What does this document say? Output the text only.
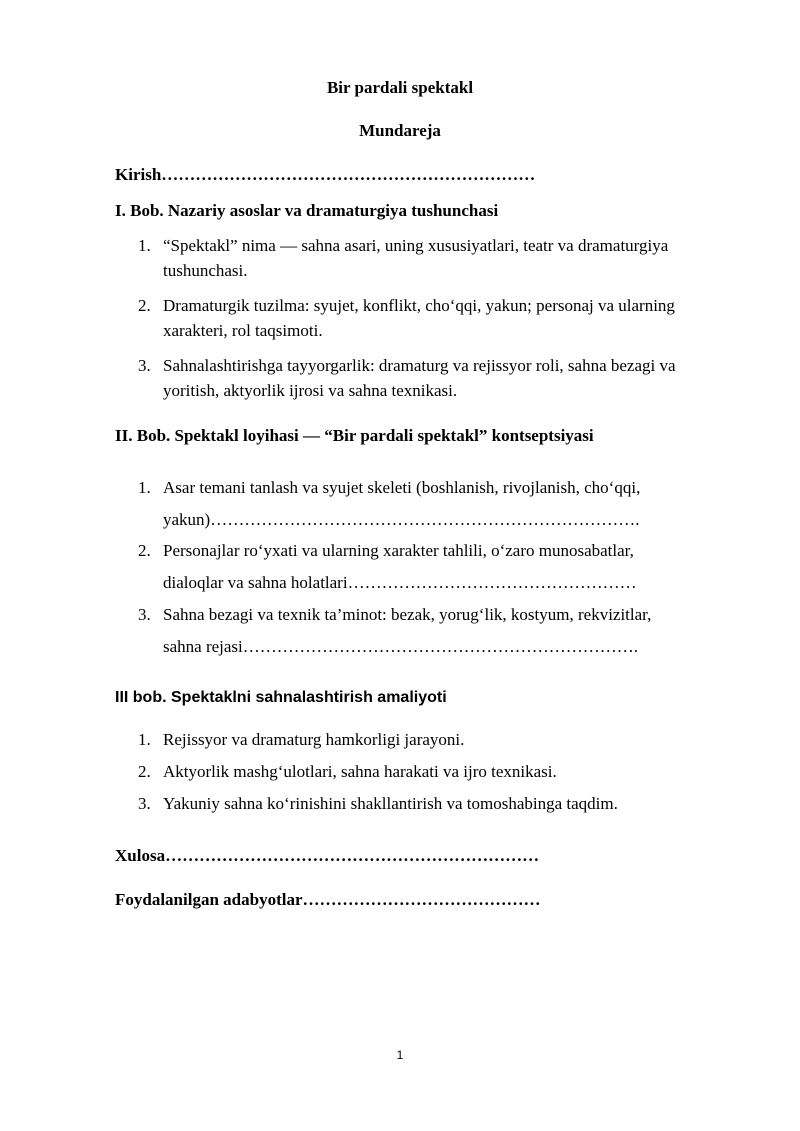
Bir pardali spektakl
Mundareja
Kirish…………………………………………………………
I. Bob. Nazariy asoslar va dramaturgiya tushunchasi
1. “Spektakl” nima — sahna asari, uning xususiyatlari, teatr va dramaturgiya
tushunchasi.
2. Dramaturgik tuzilma: syujet, konflikt, cho‘qqi, yakun; personaj va ularning
xarakteri, rol taqsimoti.
3. Sahnalashtirishga tayyorgarlik: dramaturg va rejissyor roli, sahna bezagi va
yoritish, aktyorlik ijrosi va sahna texnikasi.
II. Bob. Spektakl loyihasi — “Bir pardali spektakl” kontseptsiyasi
1. Asar temani tanlash va syujet skeleti (boshlanish, rivojlanish, cho‘qqi,
yakun)………………………………………………………………….
2. Personajlar ro‘yxati va ularning xarakter tahlili, o‘zaro munosabatlar,
dialoqlar va sahna holatlari……………………………………………
3. Sahna bezagi va texnik ta’minot: bezak, yorug‘lik, kostyum, rekvizitlar,
sahna rejasi…………………………………………………………….
III bob. Spektaklni sahnalashtirish amaliyoti
1. Rejissyor va dramaturg hamkorligi jarayoni.
2. Aktyorlik mashg‘ulotlari, sahna harakati va ijro texnikasi.
3. Yakuniy sahna ko‘rinishini shakllantirish va tomoshabinga taqdim.
Xulosa…………………………………………………………
Foydalanilgan adabyotlar……………………………………
1
